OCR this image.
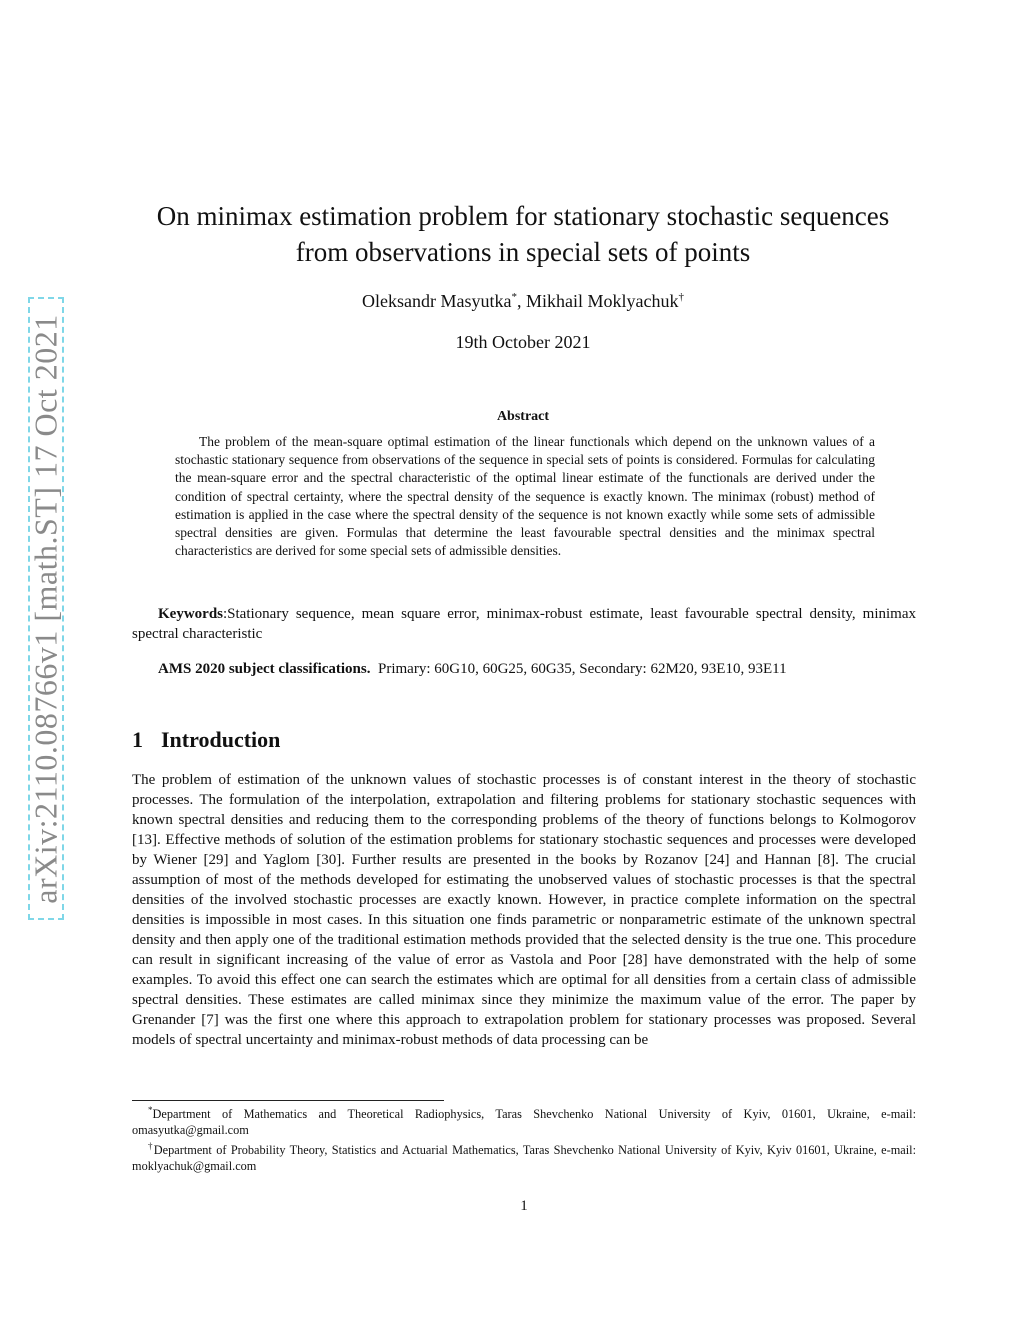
arXiv:2110.08766v1 [math.ST] 17 Oct 2021
On minimax estimation problem for stationary stochastic sequences from observations in special sets of points
Oleksandr Masyutka*, Mikhail Moklyachuk†
19th October 2021
Abstract
The problem of the mean-square optimal estimation of the linear functionals which depend on the unknown values of a stochastic stationary sequence from observations of the sequence in special sets of points is considered. Formulas for calculating the mean-square error and the spectral characteristic of the optimal linear estimate of the functionals are derived under the condition of spectral certainty, where the spectral density of the sequence is exactly known. The minimax (robust) method of estimation is applied in the case where the spectral density of the sequence is not known exactly while some sets of admissible spectral densities are given. Formulas that determine the least favourable spectral densities and the minimax spectral characteristics are derived for some special sets of admissible densities.
Keywords:Stationary sequence, mean square error, minimax-robust estimate, least favourable spectral density, minimax spectral characteristic
AMS 2020 subject classifications. Primary: 60G10, 60G25, 60G35, Secondary: 62M20, 93E10, 93E11
1 Introduction
The problem of estimation of the unknown values of stochastic processes is of constant interest in the theory of stochastic processes. The formulation of the interpolation, extrapolation and filtering problems for stationary stochastic sequences with known spectral densities and reducing them to the corresponding problems of the theory of functions belongs to Kolmogorov [13]. Effective methods of solution of the estimation problems for stationary stochastic sequences and processes were developed by Wiener [29] and Yaglom [30]. Further results are presented in the books by Rozanov [24] and Hannan [8]. The crucial assumption of most of the methods developed for estimating the unobserved values of stochastic processes is that the spectral densities of the involved stochastic processes are exactly known. However, in practice complete information on the spectral densities is impossible in most cases. In this situation one finds parametric or nonparametric estimate of the unknown spectral density and then apply one of the traditional estimation methods provided that the selected density is the true one. This procedure can result in significant increasing of the value of error as Vastola and Poor [28] have demonstrated with the help of some examples. To avoid this effect one can search the estimates which are optimal for all densities from a certain class of admissible spectral densities. These estimates are called minimax since they minimize the maximum value of the error. The paper by Grenander [7] was the first one where this approach to extrapolation problem for stationary processes was proposed. Several models of spectral uncertainty and minimax-robust methods of data processing can be

*Department of Mathematics and Theoretical Radiophysics, Taras Shevchenko National University of Kyiv, 01601, Ukraine, e-mail: omasyutka@gmail.com

†Department of Probability Theory, Statistics and Actuarial Mathematics, Taras Shevchenko National University of Kyiv, Kyiv 01601, Ukraine, e-mail: moklyachuk@gmail.com

1
